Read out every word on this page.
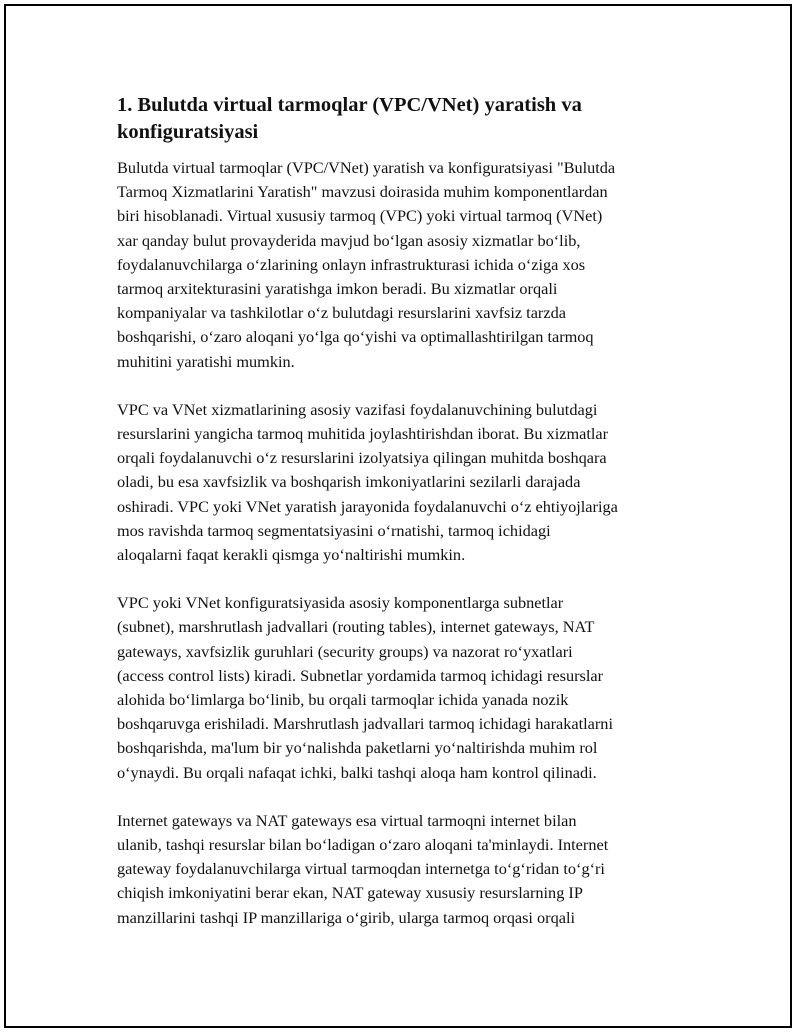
1. Bulutda virtual tarmoqlar (VPC/VNet) yaratish va
konfiguratsiyasi

Bulutda virtual tarmoqlar (VPC/VNet) yaratish va konfiguratsiyasi "Bulutda
Tarmoq Xizmatlarini Yaratish" mavzusi doirasida muhim komponentlardan
biri hisoblanadi. Virtual xususiy tarmoq (VPC) yoki virtual tarmoq (VNet)
xar qanday bulut provayderida mavjud bo‘lgan asosiy xizmatlar bo‘lib,
foydalanuvchilarga o‘zlarining onlayn infrastrukturasi ichida o‘ziga xos
tarmoq arxitekturasini yaratishga imkon beradi. Bu xizmatlar orqali
kompaniyalar va tashkilotlar o‘z bulutdagi resurslarini xavfsiz tarzda
boshqarishi, o‘zaro aloqani yo‘lga qo‘yishi va optimallashtirilgan tarmoq
muhitini yaratishi mumkin.

VPC va VNet xizmatlarining asosiy vazifasi foydalanuvchining bulutdagi
resurslarini yangicha tarmoq muhitida joylashtirishdan iborat. Bu xizmatlar
orqali foydalanuvchi o‘z resurslarini izolyatsiya qilingan muhitda boshqara
oladi, bu esa xavfsizlik va boshqarish imkoniyatlarini sezilarli darajada
oshiradi. VPC yoki VNet yaratish jarayonida foydalanuvchi o‘z ehtiyojlariga
mos ravishda tarmoq segmentatsiyasini o‘rnatishi, tarmoq ichidagi
aloqalarni faqat kerakli qismga yo‘naltirishi mumkin.

VPC yoki VNet konfiguratsiyasida asosiy komponentlarga subnetlar
(subnet), marshrutlash jadvallari (routing tables), internet gateways, NAT
gateways, xavfsizlik guruhlari (security groups) va nazorat ro‘yxatlari
(access control lists) kiradi. Subnetlar yordamida tarmoq ichidagi resurslar
alohida bo‘limlarga bo‘linib, bu orqali tarmoqlar ichida yanada nozik
boshqaruvga erishiladi. Marshrutlash jadvallari tarmoq ichidagi harakatlarni
boshqarishda, ma'lum bir yo‘nalishda paketlarni yo‘naltirishda muhim rol
o‘ynaydi. Bu orqali nafaqat ichki, balki tashqi aloqa ham kontrol qilinadi.

Internet gateways va NAT gateways esa virtual tarmoqni internet bilan
ulanib, tashqi resurslar bilan bo‘ladigan o‘zaro aloqani ta'minlaydi. Internet
gateway foydalanuvchilarga virtual tarmoqdan internetga to‘g‘ridan to‘g‘ri
chiqish imkoniyatini berar ekan, NAT gateway xususiy resurslarning IP
manzillarini tashqi IP manzillariga o‘girib, ularga tarmoq orqasi orqali
